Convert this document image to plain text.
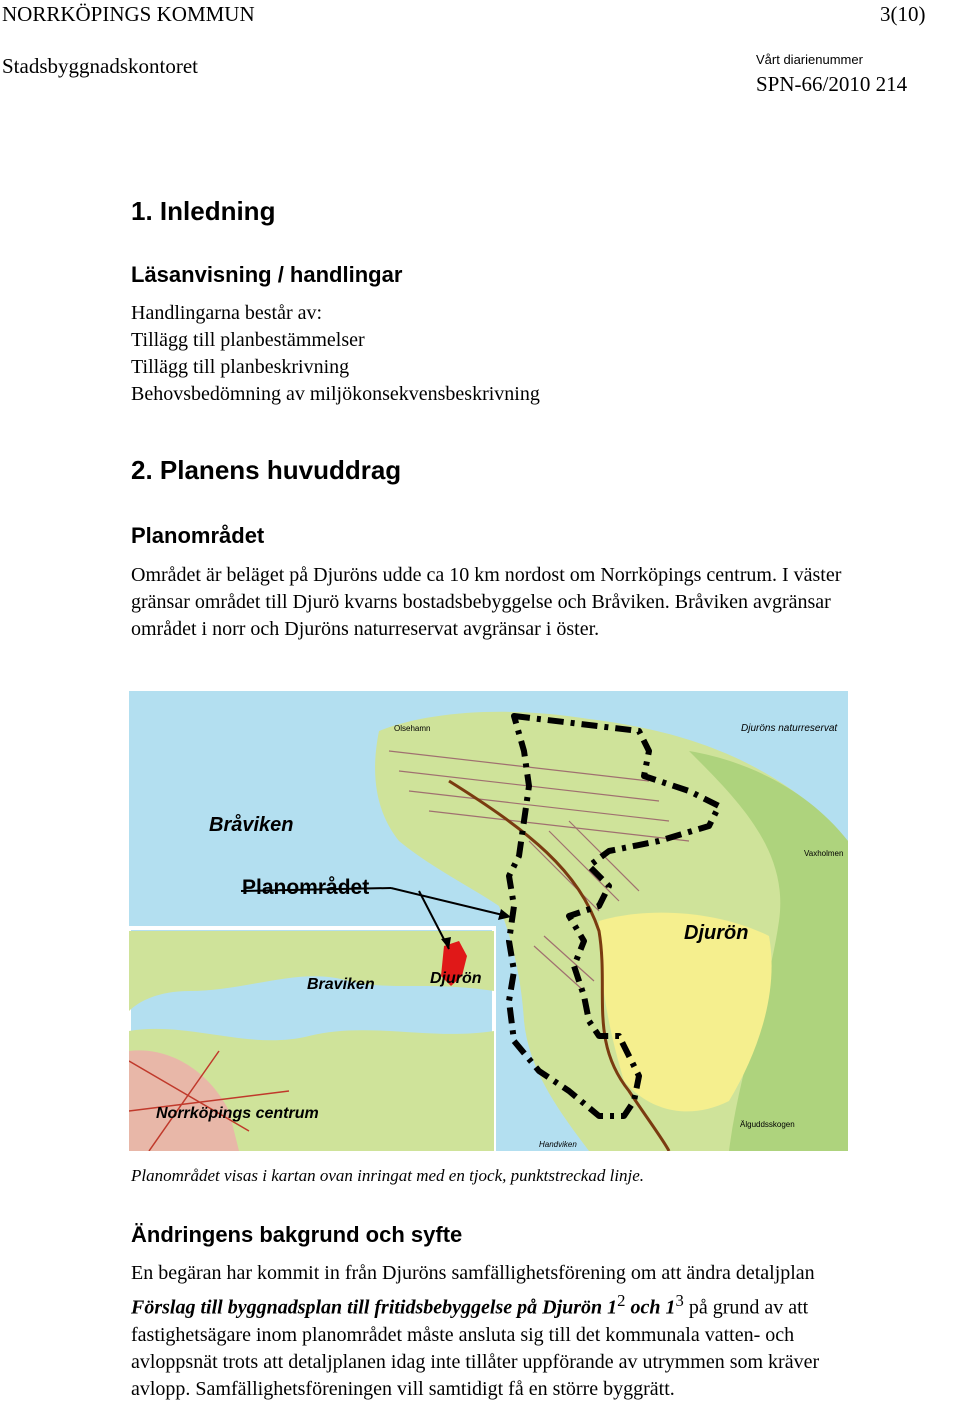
NORRKÖPINGS KOMMUN	3(10)
Stadsbyggnadskontoret	Vårt diarienummer
SPN-66/2010 214
1. Inledning
Läsanvisning / handlingar
Handlingarna består av:
Tillägg till planbestämmelser
Tillägg till planbeskrivning
Behovsbedömning av miljökonsekvensbeskrivning
2. Planens huvuddrag
Planområdet
Området är beläget på Djuröns udde ca 10 km nordost om Norrköpings centrum. I väster gränsar området till Djurö kvarns bostadsbebyggelse och Bråviken. Bråviken avgränsar området i norr och Djuröns naturreservat avgränsar i öster.
Bråviken
Planområdet
Djurön
Djuröns naturreservat
Olsehamn
Vaxholmen
Älguddsskogen
Handviken
Braviken	Djurön
Norrköpings centrum
Planområdet visas i kartan ovan inringat med en tjock, punktstreckad linje.
Ändringens bakgrund och syfte
En begäran har kommit in från Djuröns samfällighetsförening om att ändra detaljplan Förslag till byggnadsplan till fritidsbebyggelse på Djurön $1^2$ och $1^3$ på grund av att fastighetsägare inom planområdet måste ansluta sig till det kommunala vatten- och avloppsnät trots att detaljplanen idag inte tillåter uppförande av utrymmen som kräver avlopp. Samfällighetsföreningen vill samtidigt få en större byggrätt.
